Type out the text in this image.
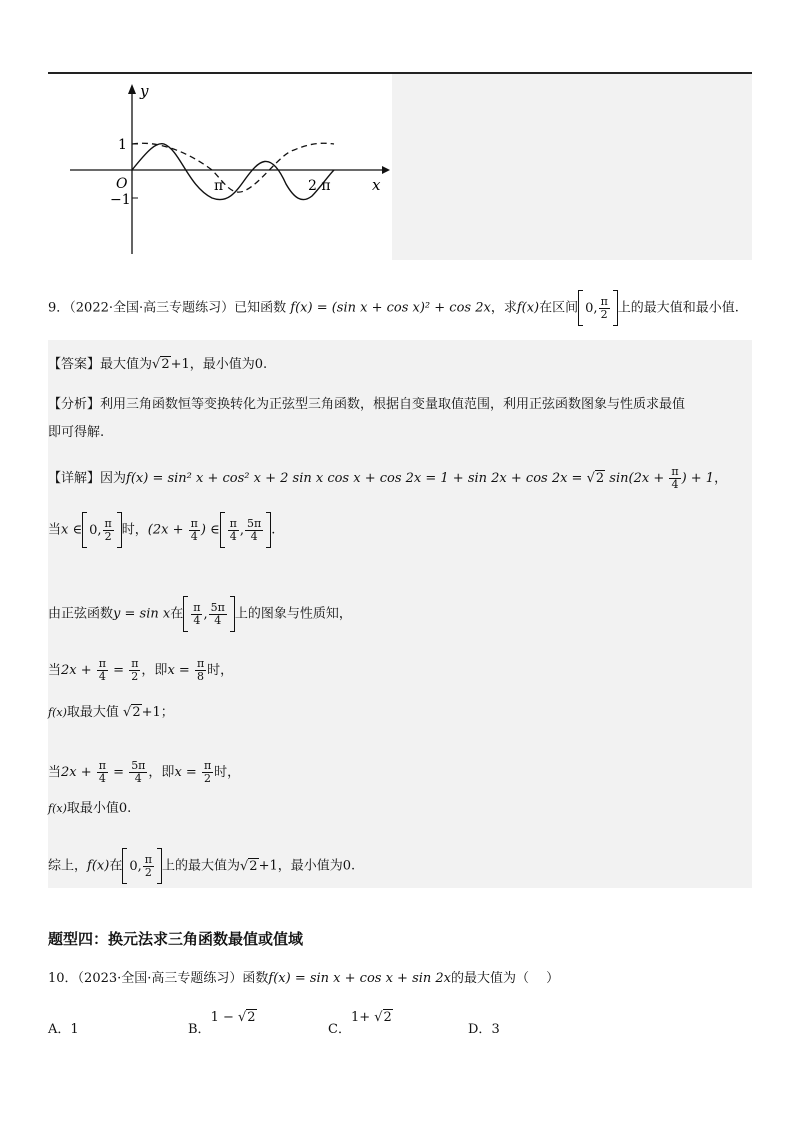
y
x
O
1
−1
π	2 π
9．（2022·全国·高三专题练习）已知函数 f(x) = (sin x + cos x)² + cos 2x，求f(x)在区间 0, $\frac{\pi}{2}$ 上的最大值和最小值.
【答案】最大值为√2+1，最小值为0.
【分析】利用三角函数恒等变换转化为正弦型三角函数，根据自变量取值范围，利用正弦函数图象与性质求最值
即可得解.
【详解】因为f(x) = sin² x + cos² x + 2 sin x cos x + cos 2x = 1 + sin 2x + cos 2x = √2 $\sin(2x + \frac{\pi}{4}$ ) + 1，
当x ∈ 0, $\frac{\pi}{2}$ 时，($2x + \frac{\pi}{4}$ ) ∈ $\frac{\pi}{4}$ , $\frac{5\pi}{4}$ .
由正弦函数y = sin x在 $\frac{\pi}{4}$ , $\frac{5\pi}{4}$ 上的图象与性质知，
当$2x + \frac{\pi}{4} = \frac{\pi}{2}$ ，即$x = \frac{\pi}{8}$ 时，
f(x)取最大值 √2+1；
当$2x + \frac{\pi}{4} = \frac{5\pi}{4}$ ，即$x = \frac{\pi}{2}$ 时，
f(x)取最小值0.
综上，f(x)在 0, $\frac{\pi}{2}$ 上的最大值为√2+1，最小值为0.
题型四：换元法求三角函数最值或值域
10．（2023·全国·高三专题练习）函数f(x) = sin x + cos x + sin 2x的最大值为（　 ）
A．1	B．1 − √2
C．1+ √2
D．3
